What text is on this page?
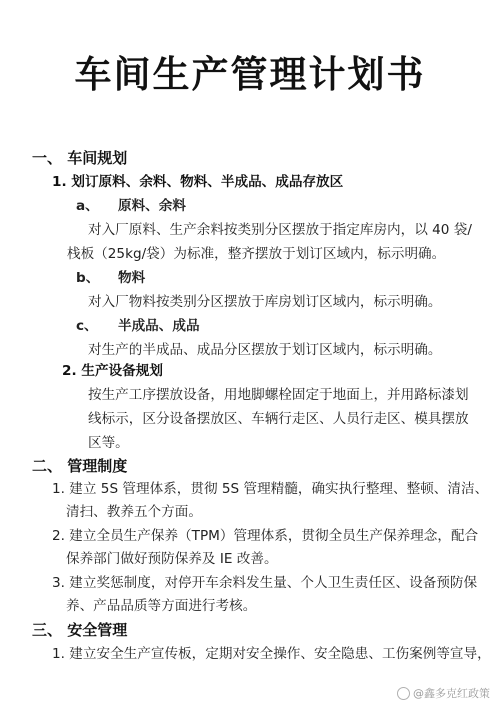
车间生产管理计划书
一、 车间规划
1. 划订原料、余料、物料、半成品、成品存放区
a、 原料、余料
对入厂原料、生产余料按类别分区摆放于指定库房内，以 40 袋/
栈板（25kg/袋）为标准，整齐摆放于划订区域内，标示明确。
b、 物料
对入厂物料按类别分区摆放于库房划订区域内，标示明确。
c、 半成品、成品
对生产的半成品、成品分区摆放于划订区域内，标示明确。
2. 生产设备规划
按生产工序摆放设备，用地脚螺栓固定于地面上，并用路标漆划
线标示，区分设备摆放区、车辆行走区、人员行走区、模具摆放
区等。
二、 管理制度
1. 建立 5S 管理体系，贯彻 5S 管理精髓，确实执行整理、整顿、清洁、
清扫、教养五个方面。
2. 建立全员生产保养（TPM）管理体系，贯彻全员生产保养理念，配合
保养部门做好预防保养及 IE 改善。
3. 建立奖惩制度，对停开车余料发生量、个人卫生责任区、设备预防保
养、产品品质等方面进行考核。
三、 安全管理
1. 建立安全生产宣传板，定期对安全操作、安全隐患、工伤案例等宣导，
@鑫多克红政策
